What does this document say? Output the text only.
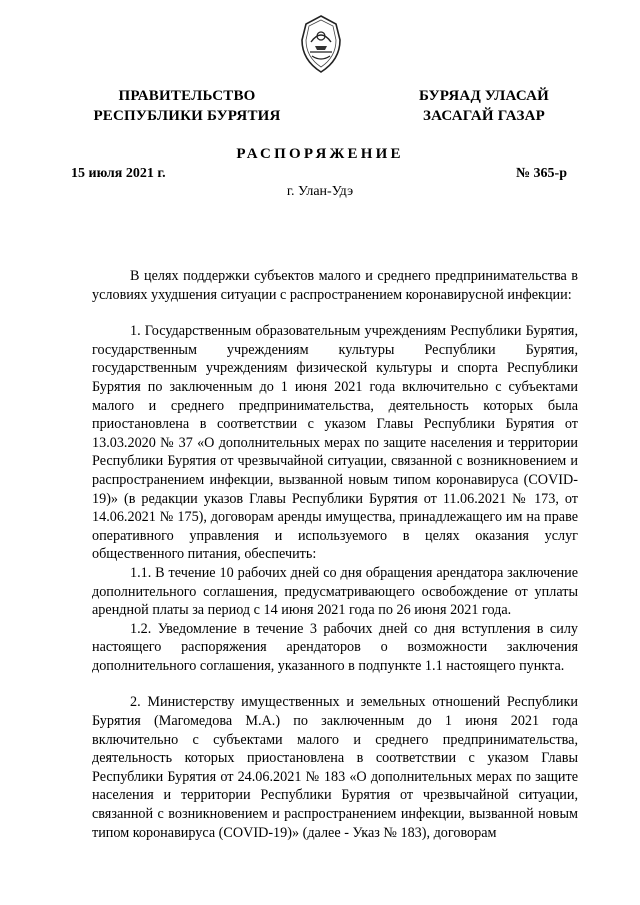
ПРАВИТЕЛЬСТВО
РЕСПУБЛИКИ БУРЯТИЯ
БУРЯАД УЛАСАЙ
ЗАСАГАЙ ГАЗАР
РАСПОРЯЖЕНИЕ
15 июля 2021 г.	№ 365-р
г. Улан-Удэ

В целях поддержки субъектов малого и среднего предпринимательства в условиях ухудшения ситуации с распространением коронавирусной инфекции:

1. Государственным образовательным учреждениям Республики Бурятия, государственным учреждениям культуры Республики Бурятия, государственным учреждениям физической культуры и спорта Республики Бурятия по заключенным до 1 июня 2021 года включительно с субъектами малого и среднего предпринимательства, деятельность которых была приостановлена в соответствии с указом Главы Республики Бурятия от 13.03.2020 № 37 «О дополнительных мерах по защите населения и территории Республики Бурятия от чрезвычайной ситуации, связанной с возникновением и распространением инфекции, вызванной новым типом коронавируса (COVID-19)» (в редакции указов Главы Республики Бурятия от 11.06.2021 № 173, от 14.06.2021 № 175), договорам аренды имущества, принадлежащего им на праве оперативного управления и используемого в целях оказания услуг общественного питания, обеспечить:

1.1. В течение 10 рабочих дней со дня обращения арендатора заключение дополнительного соглашения, предусматривающего освобождение от уплаты арендной платы за период с 14 июня 2021 года по 26 июня 2021 года.

1.2. Уведомление в течение 3 рабочих дней со дня вступления в силу настоящего распоряжения арендаторов о возможности заключения дополнительного соглашения, указанного в подпункте 1.1 настоящего пункта.

2. Министерству имущественных и земельных отношений Республики Бурятия (Магомедова М.А.) по заключенным до 1 июня 2021 года включительно с субъектами малого и среднего предпринимательства, деятельность которых приостановлена в соответствии с указом Главы Республики Бурятия от 24.06.2021 № 183 «О дополнительных мерах по защите населения и территории Республики Бурятия от чрезвычайной ситуации, связанной с возникновением и распространением инфекции, вызванной новым типом коронавируса (COVID-19)» (далее - Указ № 183), договорам
